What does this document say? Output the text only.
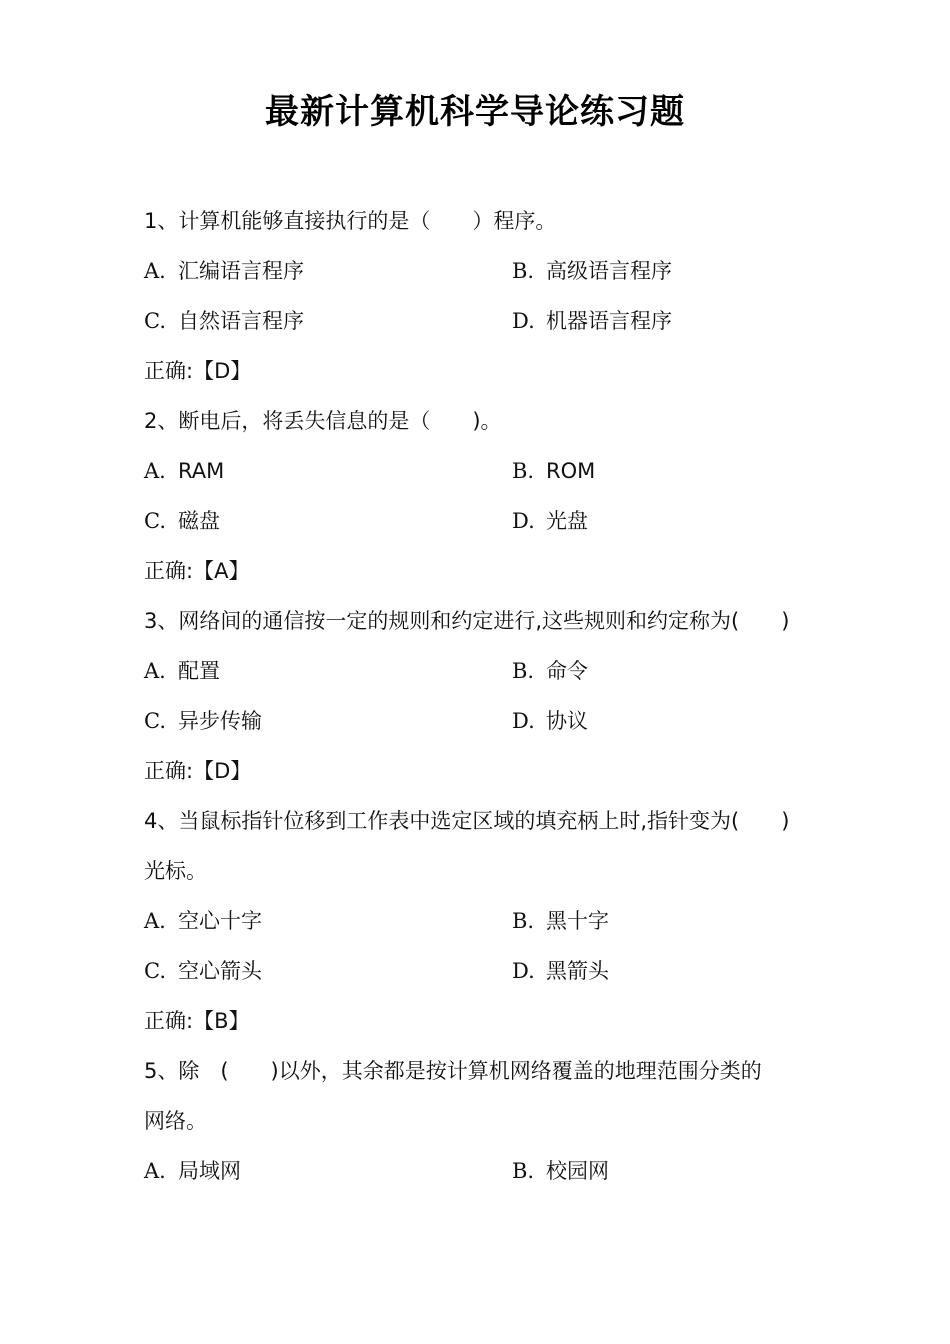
最新计算机科学导论练习题
1、计算机能够直接执行的是（　　）程序。
A. 汇编语言程序	B. 高级语言程序
C. 自然语言程序	D. 机器语言程序
正确:【D】
2、断电后，将丢失信息的是（　　)。
A. RAM	B. ROM
C. 磁盘	D. 光盘
正确:【A】
3、网络间的通信按一定的规则和约定进行,这些规则和约定称为(　　)
A. 配置	B. 命令
C. 异步传输	D. 协议
正确:【D】
4、当鼠标指针位移到工作表中选定区域的填充柄上时,指针变为(　　)
光标。
A. 空心十字	B. 黑十字
C. 空心箭头	D. 黑箭头
正确:【B】
5、除　(　　)以外，其余都是按计算机网络覆盖的地理范围分类的
网络。
A. 局域网	B. 校园网
